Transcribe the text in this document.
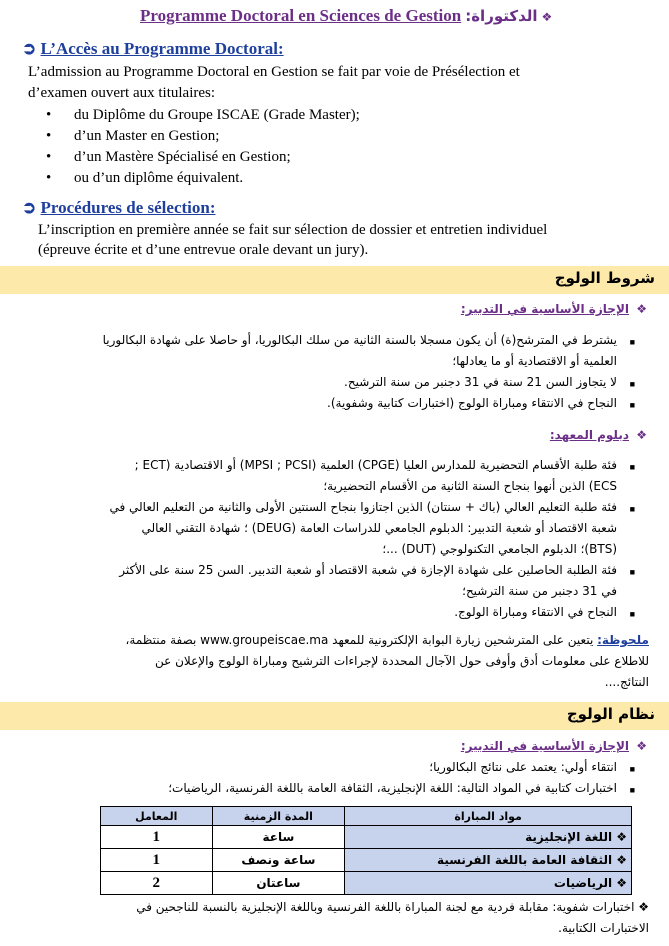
Programme Doctoral en Sciences de Gestion :الدكتوراة ❖
➲ L’Accès au Programme Doctoral:
L’admission au Programme Doctoral en Gestion se fait par voie de Présélection et
d’examen ouvert aux titulaires:
• du Diplôme du Groupe ISCAE (Grade Master);
• d’un Master en Gestion;
• d’un Mastère Spécialisé en Gestion;
• ou d’un diplôme équivalent.
➲ Procédures de sélection:
L’inscription en première année se fait sur sélection de dossier et entretien individuel
(épreuve écrite et d’une entrevue orale devant un jury).
شروط الولوج
❖
الإجازة الأساسية في التدبير:
■
يشترط في المترشح(ة) أن يكون مسجلا بالسنة الثانية من سلك البكالوريا، أو حاصلا على شهادة البكالوريا
العلمية أو الاقتصادية أو ما يعادلها؛
■
لا يتجاوز السن 21 سنة في 31 دجنبر من سنة الترشيح.
■
النجاح في الانتقاء ومباراة الولوج (اختبارات كتابية وشفوية).
❖
دبلوم المعهد:
■
فئة طلبة الأقسام التحضيرية للمدارس العليا (CPGE) العلمية (MPSI ; PCSI) أو الاقتصادية (ECT ;
ECS) الذين أنهوا بنجاح السنة الثانية من الأقسام التحضيرية؛
■
فئة طلبة التعليم العالي (باك + سنتان) الذين اجتازوا بنجاح السنتين الأولى والثانية من التعليم العالي في
شعبة الاقتصاد أو شعبة التدبير: الدبلوم الجامعي للدراسات العامة (DEUG) ؛ شهادة التقني العالي
(BTS)؛ الدبلوم الجامعي التكنولوجي (DUT) ...؛
■
فئة الطلبة الحاصلين على شهادة الإجازة في شعبة الاقتصاد أو شعبة التدبير. السن 25 سنة على الأكثر
في 31 دجنبر من سنة الترشيح؛
■
النجاح في الانتقاء ومباراة الولوج.
ملحوظة: يتعين على المترشحين زيارة البوابة الإلكترونية للمعهد www.groupeiscae.ma بصفة منتظمة،
للاطلاع على معلومات أدق وأوفى حول الآجال المحددة لإجراءات الترشيح ومباراة الولوج والإعلان عن
النتائج....
نظام الولوج
❖
الإجازة الأساسية في التدبير:
■
انتقاء أولي: يعتمد على نتائج البكالوريا؛
■
اختبارات كتابية في المواد التالية: اللغة الإنجليزية، الثقافة العامة باللغة الفرنسية، الرياضيات؛
مواد المباراة	المدة الزمنية	المعامل
❖ اللغة الإنجليزية	ساعة	1
❖ الثقافة العامة باللغة الفرنسية	ساعة ونصف	1
❖ الرياضيات	ساعتان	2
❖ اختبارات شفوية: مقابلة فردية مع لجنة المباراة باللغة الفرنسية وباللغة الإنجليزية بالنسبة للناجحين في
الاختبارات الكتابية.
